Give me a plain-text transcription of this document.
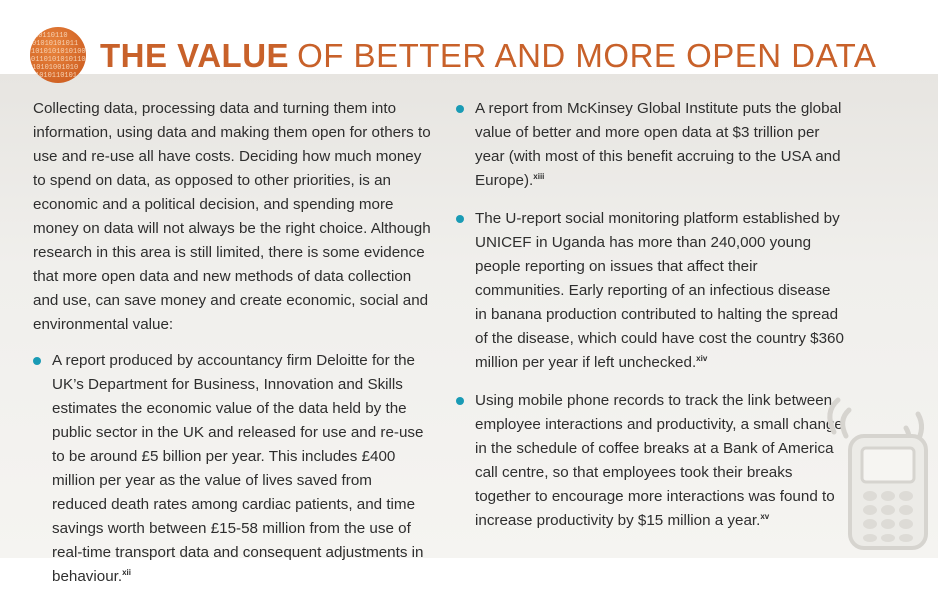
10110110
01010101011
1010101010100
0110101010110
10101001010
1010110101
THE VALUE OF BETTER AND MORE OPEN DATA

Collecting data, processing data and turning them into information, using data and making them open for others to use and re-use all have costs. Deciding how much money to spend on data, as opposed to other priorities, is an economic and a political decision, and spending more money on data will not always be the right choice. Although research in this area is still limited, there is some evidence that more open data and new methods of data collection and use, can save money and create economic, social and environmental value:

A report produced by accountancy firm Deloitte for the UK’s Department for Business, Innovation and Skills estimates the economic value of the data held by the public sector in the UK and released for use and re-use to be around £5 billion per year. This includes £400 million per year as the value of lives saved from reduced death rates among cardiac patients, and time savings worth between £15-58 million from the use of real-time transport data and consequent adjustments in behaviour.$^{xii}$
A report from McKinsey Global Institute puts the global value of better and more open data at $3 trillion per year (with most of this benefit accruing to the USA and Europe).$^{xiii}$
The U-report social monitoring platform established by UNICEF in Uganda has more than 240,000 young people reporting on issues that affect their communities. Early reporting of an infectious disease in banana production contributed to halting the spread of the disease, which could have cost the country $360 million per year if left unchecked.$^{xiv}$
Using mobile phone records to track the link between employee interactions and productivity, a small change in the schedule of coffee breaks at a Bank of America call centre, so that employees took their breaks together to encourage more interactions was found to increase productivity by $15 million a year.$^{xv}$
